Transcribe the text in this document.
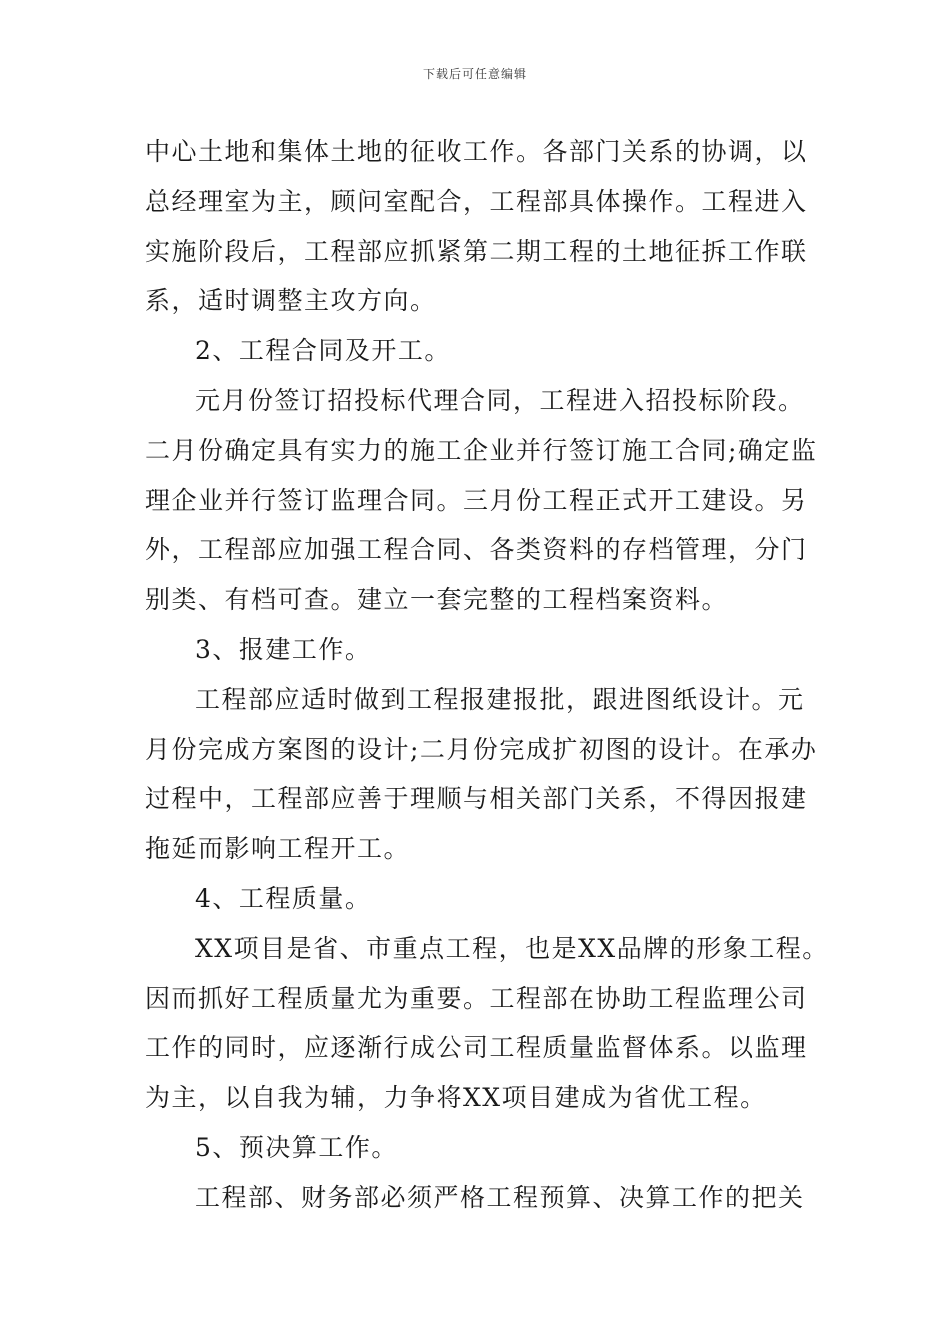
下载后可任意编辑
中心土地和集体土地的征收工作。各部门关系的协调，以
总经理室为主，顾问室配合，工程部具体操作。工程进入
实施阶段后，工程部应抓紧第二期工程的土地征拆工作联
系，适时调整主攻方向。
2、工程合同及开工。
元月份签订招投标代理合同，工程进入招投标阶段。
二月份确定具有实力的施工企业并行签订施工合同;确定监
理企业并行签订监理合同。三月份工程正式开工建设。另
外，工程部应加强工程合同、各类资料的存档管理，分门
别类、有档可查。建立一套完整的工程档案资料。
3、报建工作。
工程部应适时做到工程报建报批，跟进图纸设计。元
月份完成方案图的设计;二月份完成扩初图的设计。在承办
过程中，工程部应善于理顺与相关部门关系，不得因报建
拖延而影响工程开工。
4、工程质量。
XX项目是省、市重点工程，也是XX品牌的形象工程。
因而抓好工程质量尤为重要。工程部在协助工程监理公司
工作的同时，应逐渐行成公司工程质量监督体系。以监理
为主，以自我为辅，力争将XX项目建成为省优工程。
5、预决算工作。
工程部、财务部必须严格工程预算、决算工作的把关
